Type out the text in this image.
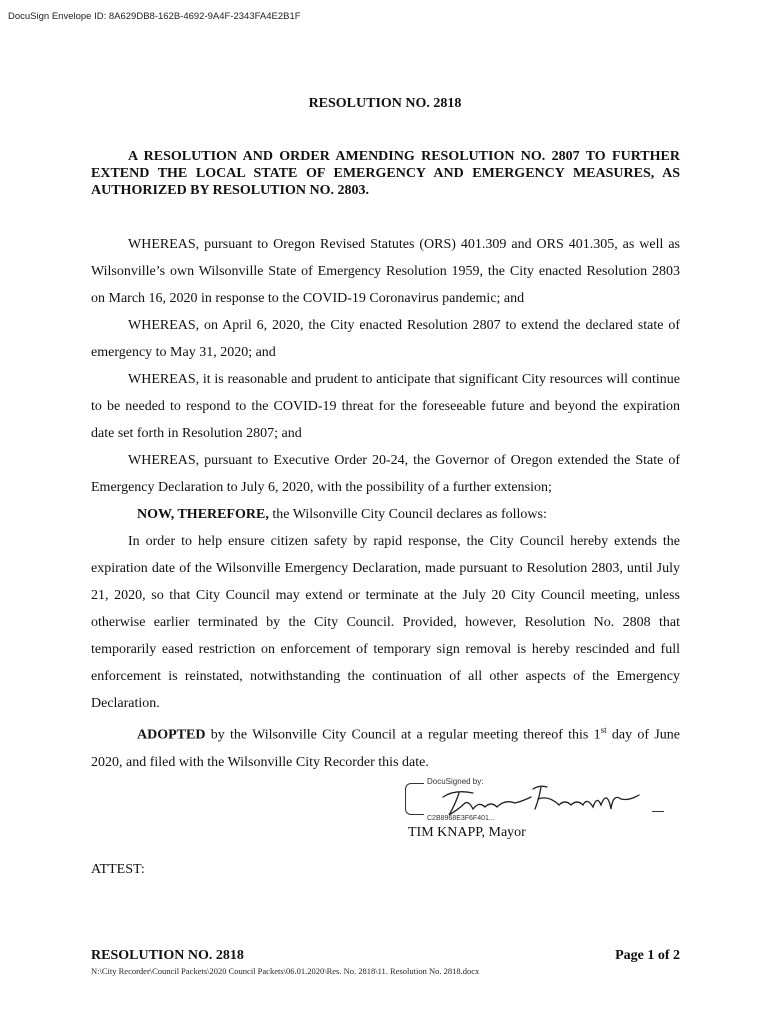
DocuSign Envelope ID: 8A629DB8-162B-4692-9A4F-2343FA4E2B1F
RESOLUTION NO. 2818
A RESOLUTION AND ORDER AMENDING RESOLUTION NO. 2807 TO FURTHER EXTEND THE LOCAL STATE OF EMERGENCY AND EMERGENCY MEASURES, AS AUTHORIZED BY RESOLUTION NO. 2803.

WHEREAS, pursuant to Oregon Revised Statutes (ORS) 401.309 and ORS 401.305, as well as Wilsonville’s own Wilsonville State of Emergency Resolution 1959, the City enacted Resolution 2803 on March 16, 2020 in response to the COVID-19 Coronavirus pandemic; and

WHEREAS, on April 6, 2020, the City enacted Resolution 2807 to extend the declared state of emergency to May 31, 2020; and

WHEREAS, it is reasonable and prudent to anticipate that significant City resources will continue to be needed to respond to the COVID-19 threat for the foreseeable future and beyond the expiration date set forth in Resolution 2807; and

WHEREAS, pursuant to Executive Order 20-24, the Governor of Oregon extended the State of Emergency Declaration to July 6, 2020, with the possibility of a further extension;

NOW, THEREFORE, the Wilsonville City Council declares as follows:

In order to help ensure citizen safety by rapid response, the City Council hereby extends the expiration date of the Wilsonville Emergency Declaration, made pursuant to Resolution 2803, until July 21, 2020, so that City Council may extend or terminate at the July 20 City Council meeting, unless otherwise earlier terminated by the City Council. Provided, however, Resolution No. 2808 that temporarily eased restriction on enforcement of temporary sign removal is hereby rescinded and full enforcement is reinstated, notwithstanding the continuation of all other aspects of the Emergency Declaration.

ADOPTED by the Wilsonville City Council at a regular meeting thereof this 1st day of June 2020, and filed with the Wilsonville City Recorder this date.

DocuSigned by:
C2B8968E3F6F401...
TIM KNAPP, Mayor
ATTEST:
RESOLUTION NO. 2818	Page 1 of 2
N:\City Recorder\Council Packets\2020 Council Packets\06.01.2020\Res. No. 2818\11. Resolution No. 2818.docx
